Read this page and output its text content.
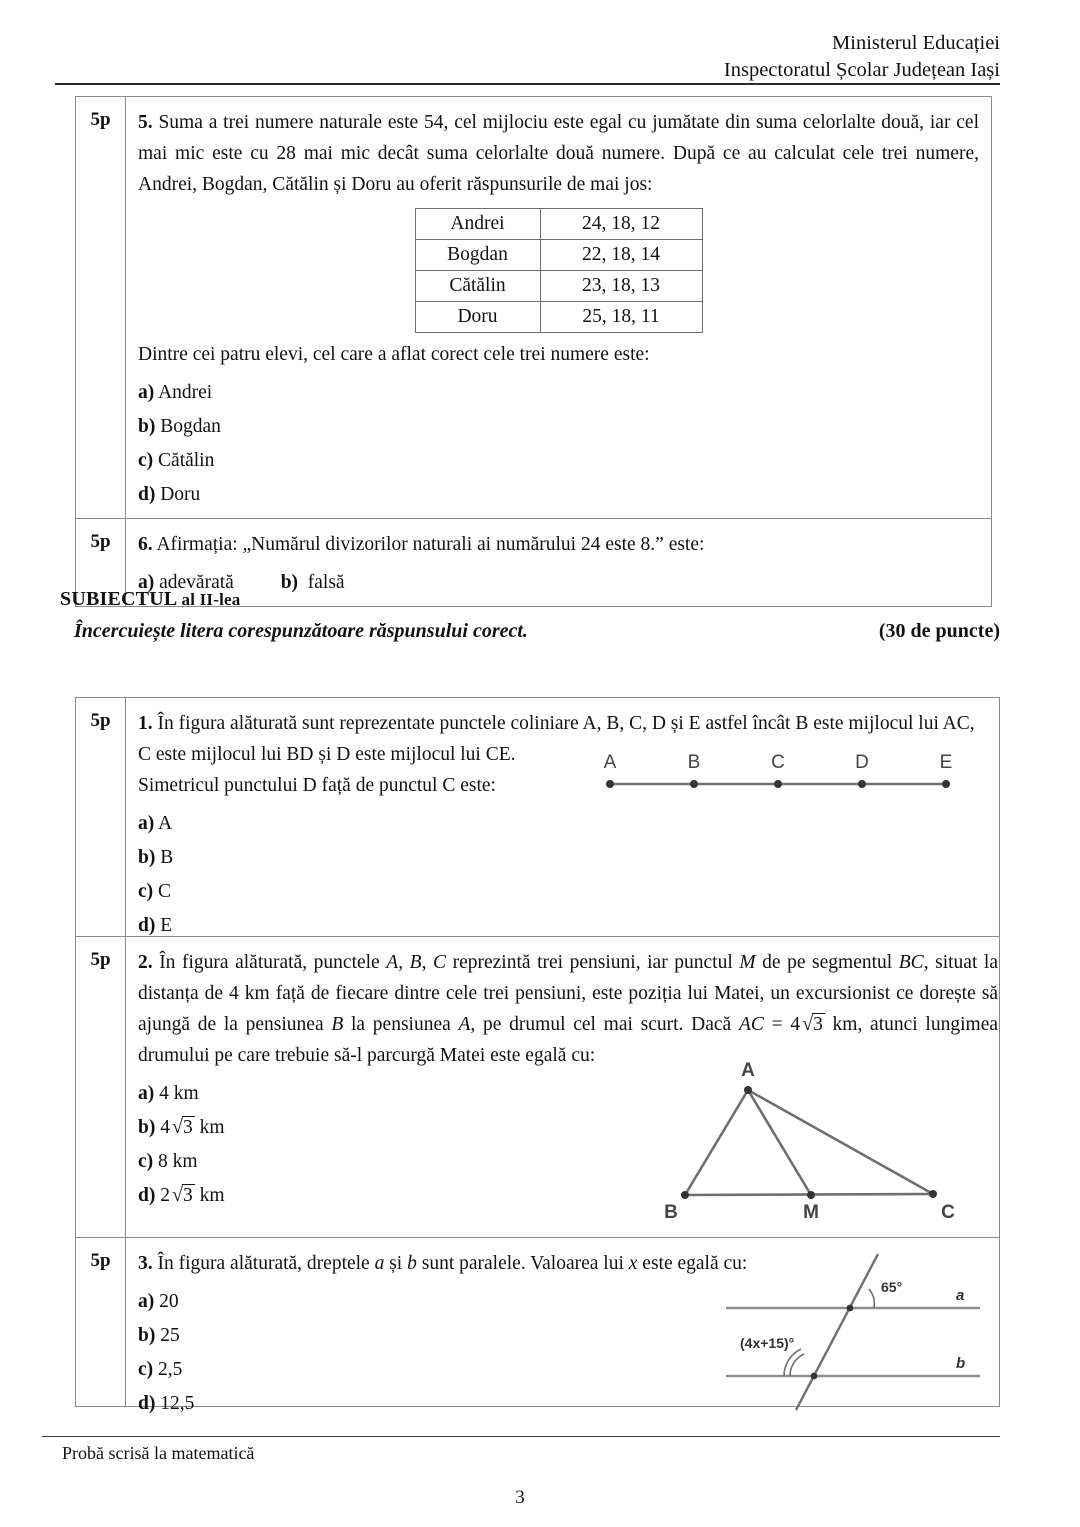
Ministerul Educației
Inspectoratul Școlar Județean Iași
5p	5. Suma a trei numere naturale este 54, cel mijlociu este egal cu jumătate din suma celorlalte două, iar cel mai mic este cu 28 mai mic decât suma celorlalte două numere. După ce au calculat cele trei numere, Andrei, Bogdan, Cătălin și Doru au oferit răspunsurile de mai jos:

Andrei	24, 18, 12
Bogdan	22, 18, 14
Cătălin	23, 18, 13
Doru	25, 18, 11

Dintre cei patru elevi, cel care a aflat corect cele trei numere este:

a) Andrei

b) Bogdan

c) Cătălin

d) Doru

5p	6. Afirmația: „Numărul divizorilor naturali ai numărului 24 este 8.” este:

a) adevărată b) falsă

SUBIECTUL al II-lea
Încercuiește litera corespunzătoare răspunsului corect.	(30 de puncte)
5p	1. În figura alăturată sunt reprezentate punctele coliniare A, B, C, D și E astfel încât B este mijlocul lui AC,

C este mijlocul lui BD și D este mijlocul lui CE.

Simetricul punctului D față de punctul C este:

a) A

b) B

c) C

d) E

5p	2. În figura alăturată, punctele A, B, C reprezintă trei pensiuni, iar punctul M de pe segmentul BC, situat la distanța de 4 km față de fiecare dintre cele trei pensiuni, este poziția lui Matei, un excursionist ce dorește să ajungă de la pensiunea B la pensiunea A, pe drumul cel mai scurt. Dacă AC = 4 √3 km, atunci lungimea drumului pe care trebuie să-l parcurgă Matei este egală cu:

a) 4 km

b) 4 √3 km

c) 8 km

d) 2 √3 km

5p	3. În figura alăturată, dreptele a și b sunt paralele. Valoarea lui x este egală cu:

a) 20

b) 25

c) 2,5

d) 12,5

A	B	C	D	E
A
B	M	C
65°
(4x+15)°
a
b
Probă scrisă la matematică
3
